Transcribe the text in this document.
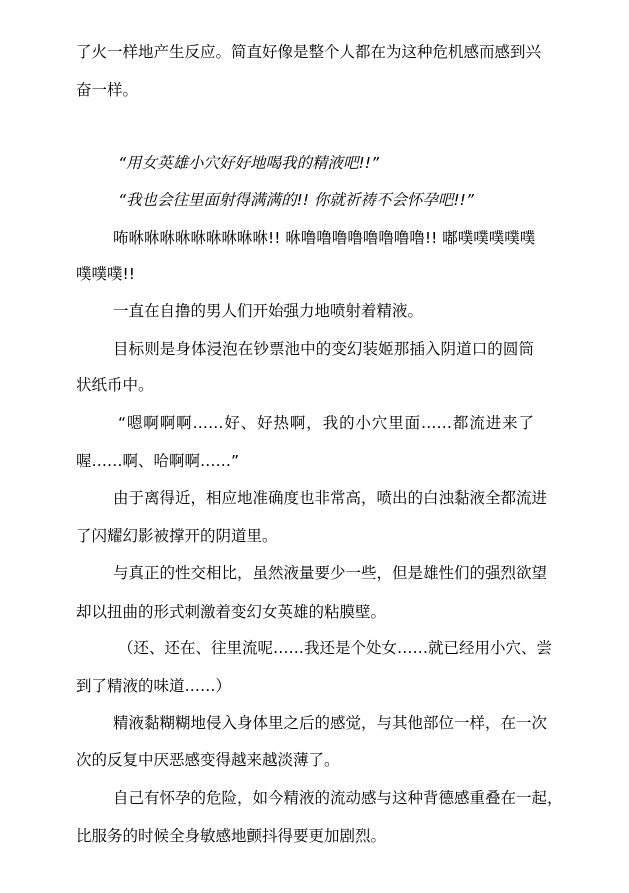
了火一样地产生反应。简直好像是整个人都在为这种危机感而感到兴
奋一样。
“用女英雄小穴好好地喝我的精液吧!!”
“我也会往里面射得满满的!! 你就祈祷不会怀孕吧!!”
咘咻咻咻咻咻咻咻咻咻!! 咻噜噜噜噜噜噜噜噜!! 嘟噗噗噗噗噗
噗噗噗!!
一直在自撸的男人们开始强力地喷射着精液。
目标则是身体浸泡在钞票池中的变幻装姬那插入阴道口的圆筒
状纸币中。
“嗯啊啊啊……好、好热啊，我的小穴里面……都流进来了
喔……啊、哈啊啊……”
由于离得近，相应地准确度也非常高，喷出的白浊黏液全都流进
了闪耀幻影被撑开的阴道里。
与真正的性交相比，虽然液量要少一些，但是雄性们的强烈欲望
却以扭曲的形式刺激着变幻女英雄的粘膜壁。
（还、还在、往里流呢……我还是个处女……就已经用小穴、尝
到了精液的味道……）
精液黏糊糊地侵入身体里之后的感觉，与其他部位一样，在一次
次的反复中厌恶感变得越来越淡薄了。
自己有怀孕的危险，如今精液的流动感与这种背德感重叠在一起，
比服务的时候全身敏感地颤抖得要更加剧烈。
